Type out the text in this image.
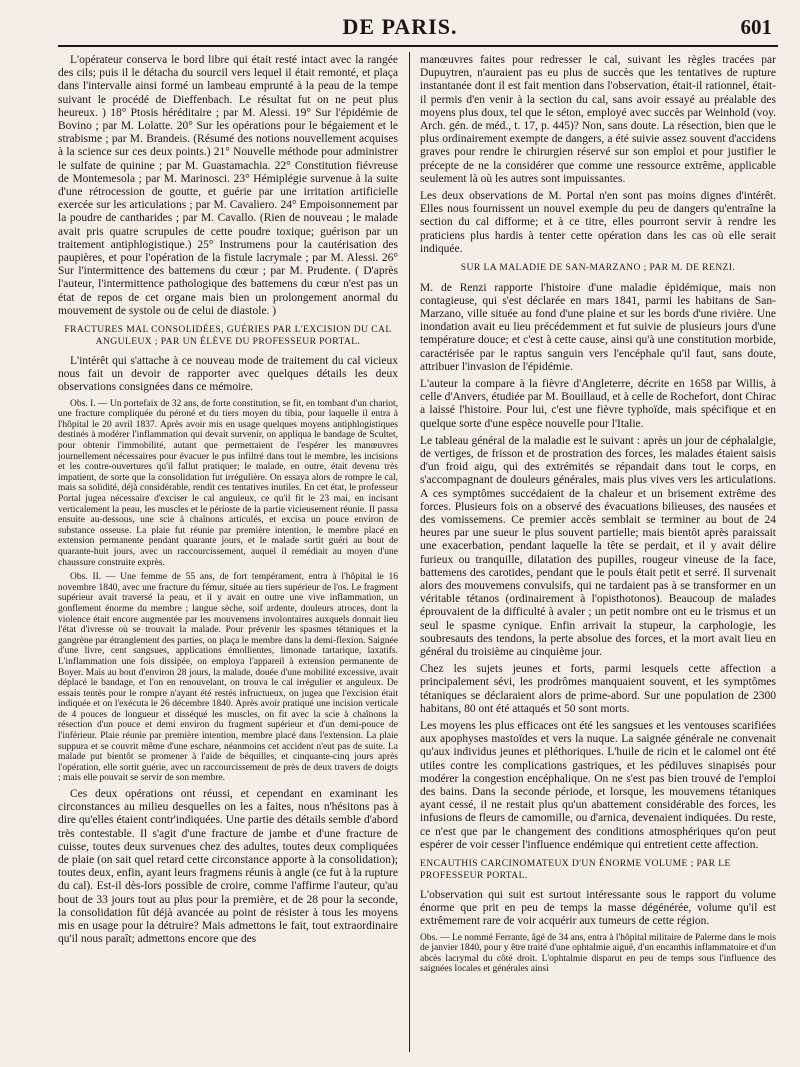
DE PARIS.	601

L'opérateur conserva le bord libre qui était resté intact avec la rangée des cils; puis il le détacha du sourcil vers lequel il était remonté, et plaça dans l'intervalle ainsi formé un lambeau emprunté à la peau de la tempe suivant le procédé de Dieffenbach. Le résultat fut on ne peut plus heureux. ) 18° Ptosis héréditaire ; par M. Alessi. 19° Sur l'épidémie de Bovino ; par M. Lolatte. 20° Sur les opérations pour le bégaiement et le strabisme ; par M. Brandeis. (Résumé des notions nouvellement acquises à la science sur ces deux points.) 21° Nouvelle méthode pour administrer le sulfate de quinine ; par M. Guastamachia. 22° Constitution fiévreuse de Montemesola ; par M. Marinosci. 23° Hémiplégie survenue à la suite d'une rétrocession de goutte, et guérie par une irritation artificielle exercée sur les articulations ; par M. Cavaliero. 24° Empoisonnement par la poudre de cantharides ; par M. Cavallo. (Rien de nouveau ; le malade avait pris quatre scrupules de cette poudre toxique; guérison par un traitement antiphlogistique.) 25° Instrumens pour la cautérisation des paupières, et pour l'opération de la fistule lacrymale ; par M. Alessi. 26° Sur l'intermittence des battemens du cœur ; par M. Prudente. ( D'après l'auteur, l'intermittence pathologique des battemens du cœur n'est pas un état de repos de cet organe mais bien un prolongement anormal du mouvement de systole ou de celui de diastole. )

FRACTURES MAL CONSOLIDÉES, GUÉRIES PAR L'EXCISION DU CAL ANGULEUX ; PAR UN ÉLÈVE DU PROFESSEUR PORTAL.

L'intérêt qui s'attache à ce nouveau mode de traitement du cal vicieux nous fait un devoir de rapporter avec quelques détails les deux observations consignées dans ce mémoire.

Obs. I. — Un portefaix de 32 ans, de forte constitution, se fit, en tombant d'un chariot, une fracture compliquée du péroné et du tiers moyen du tibia, pour laquelle il entra à l'hôpital le 20 avril 1837. Après avoir mis en usage quelques moyens antiphlogistiques destinés à modérer l'inflammation qui devait survenir, on appliqua le bandage de Scultet, pour obtenir l'immobilité, autant que permettaient de l'espérer les manœuvres journellement nécessaires pour évacuer le pus infiltré dans tout le membre, les incisions et les contre-ouvertures qu'il fallut pratiquer; le malade, en outre, était devenu très impatient, de sorte que la consolidation fut irrégulière. On essaya alors de rompre le cal, mais sa solidité, déjà considérable, rendit ces tentatives inutiles. En cet état, le professeur Portal jugea nécessaire d'exciser le cal anguleux, ce qu'il fit le 23 mai, en incisant verticalement la peau, les muscles et le périoste de la partie vicieusement réunie. Il passa ensuite au-dessous, une scie à chaînons articulés, et excisa un pouce environ de substance osseuse. La plaie fut réunie par première intention, le membre placé en extension permanente pendant quarante jours, et le malade sortit guéri au bout de quarante-huit jours, avec un raccourcissement, auquel il remédiait au moyen d'une chaussure construite exprès.

Obs. II. — Une femme de 55 ans, de fort tempérament, entra à l'hôpital le 16 novembre 1840, avec une fracture du fémur, située au tiers supérieur de l'os. Le fragment supérieur avait traversé la peau, et il y avait en outre une vive inflammation, un gonflement énorme du membre ; langue sèche, soif ardente, douleurs atroces, dont la violence était encore augmentée par les mouvemens involontaires auxquels donnait lieu l'état d'ivresse où se trouvait la malade. Pour prévenir les spasmes tétaniques et la gangrène par étranglement des parties, on plaça le membre dans la demi-flexion. Saignée d'une livre, cent sangsues, applications émollientes, limonade tartarique, laxatifs. L'inflammation une fois dissipée, on employa l'appareil à extension permanente de Boyer. Mais au bout d'environ 28 jours, la malade, douée d'une mobilité excessive, avait déplacé le bandage, et l'on en renouvelant, on trouva le cal irrégulier et anguleux. De essais tentés pour le rompre n'ayant été restés infructueux, on jugea que l'excision était indiquée et on l'exécuta le 26 décembre 1840. Après avoir pratiqué une incision verticale de 4 pouces de longueur et disséqué les muscles, on fit avec la scie à chaînons la résection d'un pouce et demi environ du fragment supérieur et d'un demi-pouce de l'inférieur. Plaie réunie par première intention, membre placé dans l'extension. La plaie suppura et se couvrit même d'une eschare, néanmoins cet accident n'eut pas de suite. La malade put bientôt se promener à l'aide de béquilles, et cinquante-cinq jours après l'opération, elle sortit guérie, avec un raccourcissement de près de deux travers de doigts ; mais elle pouvait se servir de son membre.

Ces deux opérations ont réussi, et cependant en examinant les circonstances au milieu desquelles on les a faites, nous n'hésitons pas à dire qu'elles étaient contr'indiquées. Une partie des détails semble d'abord très contestable. Il s'agit d'une fracture de jambe et d'une fracture de cuisse, toutes deux survenues chez des adultes, toutes deux compliquées de plaie (on sait quel retard cette circonstance apporte à la consolidation); toutes deux, enfin, ayant leurs fragmens réunis à angle (ce fut à la rupture du cal). Est-il dès-lors possible de croire, comme l'affirme l'auteur, qu'au bout de 33 jours tout au plus pour la première, et de 28 pour la seconde, la consolidation fût déjà avancée au point de résister à tous les moyens mis en usage pour la détruire? Mais admettons le fait, tout extraordinaire qu'il nous paraît; admettons encore que des

manœuvres faites pour redresser le cal, suivant les règles tracées par Dupuytren, n'auraient pas eu plus de succès que les tentatives de rupture instantanée dont il est fait mention dans l'observation, était-il rationnel, était-il permis d'en venir à la section du cal, sans avoir essayé au préalable des moyens plus doux, tel que le séton, employé avec succès par Weinhold (voy. Arch. gén. de méd., t. 17, p. 445)? Non, sans doute. La résection, bien que le plus ordinairement exempte de dangers, a été suivie assez souvent d'accidens graves pour rendre le chirurgien réservé sur son emploi et pour justifier le précepte de ne la considérer que comme une ressource extrême, applicable seulement là où les autres sont impuissantes.

Les deux observations de M. Portal n'en sont pas moins dignes d'intérêt. Elles nous fournissent un nouvel exemple du peu de dangers qu'entraîne la section du cal difforme; et à ce titre, elles pourront servir à rendre les praticiens plus hardis à tenter cette opération dans les cas où elle serait indiquée.

SUR LA MALADIE DE SAN-MARZANO ; PAR M. DE RENZI.

M. de Renzi rapporte l'histoire d'une maladie épidémique, mais non contagieuse, qui s'est déclarée en mars 1841, parmi les habitans de San-Marzano, ville située au fond d'une plaine et sur les bords d'une rivière. Une inondation avait eu lieu précédemment et fut suivie de plusieurs jours d'une température douce; et c'est à cette cause, ainsi qu'à une constitution morbide, caractérisée par le raptus sanguin vers l'encéphale qu'il faut, sans doute, attribuer l'invasion de l'épidémie.

L'auteur la compare à la fièvre d'Angleterre, décrite en 1658 par Willis, à celle d'Anvers, étudiée par M. Bouillaud, et à celle de Rochefort, dont Chirac a laissé l'histoire. Pour lui, c'est une fièvre typhoïde, mais spécifique et en quelque sorte d'une espèce nouvelle pour l'Italie.

Le tableau général de la maladie est le suivant : après un jour de céphalalgie, de vertiges, de frisson et de prostration des forces, les malades étaient saisis d'un froid aigu, qui des extrémités se répandait dans tout le corps, en s'accompagnant de douleurs générales, mais plus vives vers les articulations. A ces symptômes succédaient de la chaleur et un brisement extrême des forces. Plusieurs fois on a observé des évacuations bilieuses, des nausées et des vomissemens. Ce premier accès semblait se terminer au bout de 24 heures par une sueur le plus souvent partielle; mais bientôt après paraissait une exacerbation, pendant laquelle la tête se perdait, et il y avait délire furieux ou tranquille, dilatation des pupilles, rougeur vineuse de la face, battemens des carotides, pendant que le pouls était petit et serré. Il survenait alors des mouvemens convulsifs, qui ne tardaient pas à se transformer en un véritable tétanos (ordinairement à l'opisthotonos). Beaucoup de malades éprouvaient de la difficulté à avaler ; un petit nombre ont eu le trismus et un seul le spasme cynique. Enfin arrivait la stupeur, la carphologie, les soubresauts des tendons, la perte absolue des forces, et la mort avait lieu en général du troisième au cinquième jour.

Chez les sujets jeunes et forts, parmi lesquels cette affection a principalement sévi, les prodrômes manquaient souvent, et les symptômes tétaniques se déclaraient alors de prime-abord. Sur une population de 2300 habitans, 80 ont été attaqués et 50 sont morts.

Les moyens les plus efficaces ont été les sangsues et les ventouses scarifiées aux apophyses mastoïdes et vers la nuque. La saignée générale ne convenait qu'aux individus jeunes et pléthoriques. L'huile de ricin et le calomel ont été utiles contre les complications gastriques, et les pédiluves sinapisés pour modérer la congestion encéphalique. On ne s'est pas bien trouvé de l'emploi des bains. Dans la seconde période, et lorsque, les mouvemens tétaniques ayant cessé, il ne restait plus qu'un abattement considérable des forces, les infusions de fleurs de camomille, ou d'arnica, devenaient indiquées. Du reste, ce n'est que par le changement des conditions atmosphériques qu'on peut espérer de voir cesser l'influence endémique qui entretient cette affection.

ENCAUTHIS CARCINOMATEUX D'UN ÉNORME VOLUME ; PAR LE PROFESSEUR PORTAL.

L'observation qui suit est surtout intéressante sous le rapport du volume énorme que prit en peu de temps la masse dégénérée, volume qu'il est extrêmement rare de voir acquérir aux tumeurs de cette région.

Obs. — Le nommé Ferrante, âgé de 34 ans, entra à l'hôpital militaire de Palerme dans le mois de janvier 1840, pour y être traité d'une ophtalmie aiguë, d'un encanthis inflammatoire et d'un abcès lacrymal du côté droit. L'ophtalmie disparut en peu de temps sous l'influence des saignées locales et générales ainsi
